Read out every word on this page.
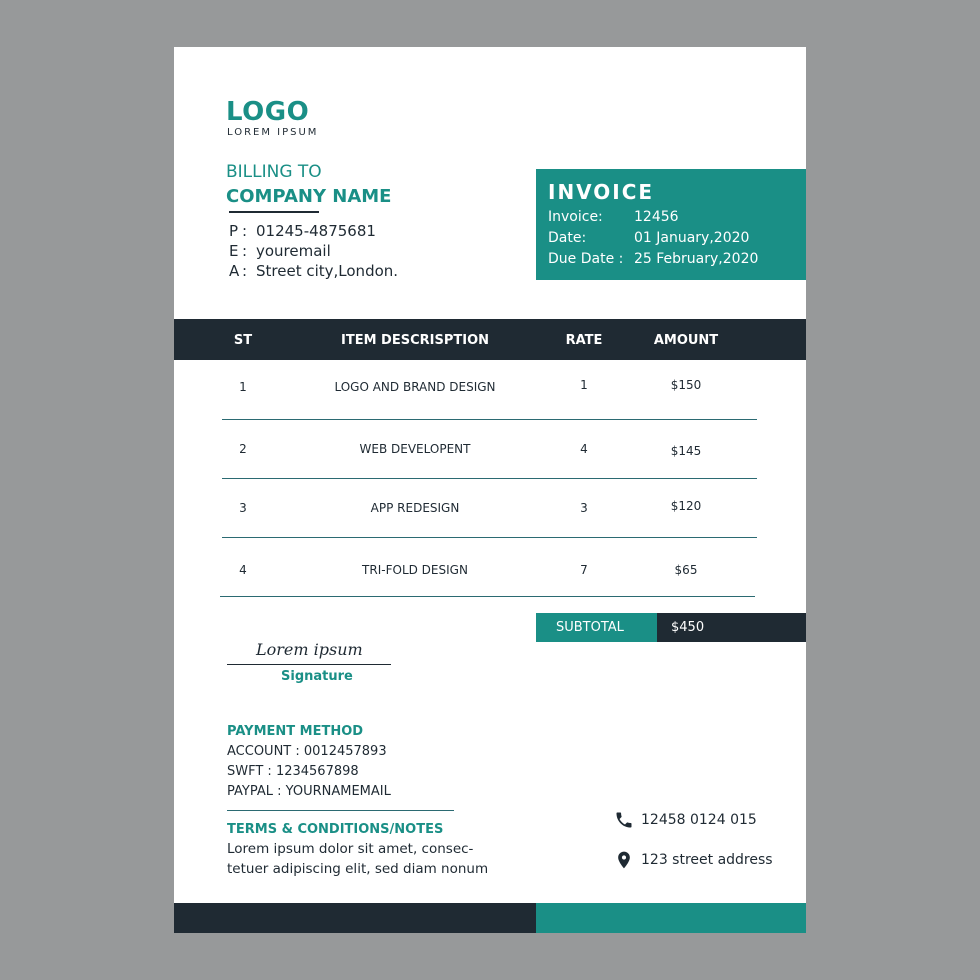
LOGO
LOREM IPSUM
BILLING TO
COMPANY NAME
P : 01245-4875681
E : youremail
A : Street city,London.
INVOICE
Invoice: 12456
Date:	01 January,2020
Due Date : 25 February,2020
ST	ITEM DESCRISPTION	RATE	AMOUNT
1	LOGO AND BRAND DESIGN	1	$150
2	WEB DEVELOPENT	4	$145
3	APP REDESIGN	3	$120
4	TRI-FOLD DESIGN	7	$65
SUBTOTAL	$450
Lorem ipsum
Signature
PAYMENT METHOD
ACCOUNT : 0012457893
SWFT : 1234567898
PAYPAL : YOURNAMEMAIL
TERMS & CONDITIONS/NOTES
Lorem ipsum dolor sit amet, consec-
tetuer adipiscing elit, sed diam nonum
12458 0124 015
123 street address
